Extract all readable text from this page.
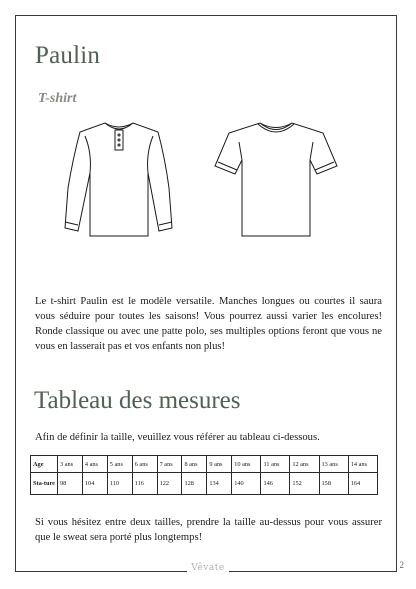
Paulin
T-shirt
Le t-shirt Paulin est le modèle versatile. Manches longues ou courtes il saura vous séduire pour toutes les saisons! Vous pourrez aussi varier les encolures! Ronde classique ou avec une patte polo, ses multiples options feront que vous ne vous en lasserait pas et vos enfants non plus!
Tableau des mesures
Afin de définir la taille, veuillez vous référer au tableau ci-dessous.
Age	3 ans	4 ans	5 ans	6 ans	7 ans	8 ans	9 ans	10 ans	11 ans	12 ans	13 ans	14 ans
Sta-ture	98	104	110	116	122	128	134	140	146	152	158	164
Si vous hésitez entre deux tailles, prendre la taille au-dessus pour vous assurer que le sweat sera porté plus longtemps!
Vêvate	2
